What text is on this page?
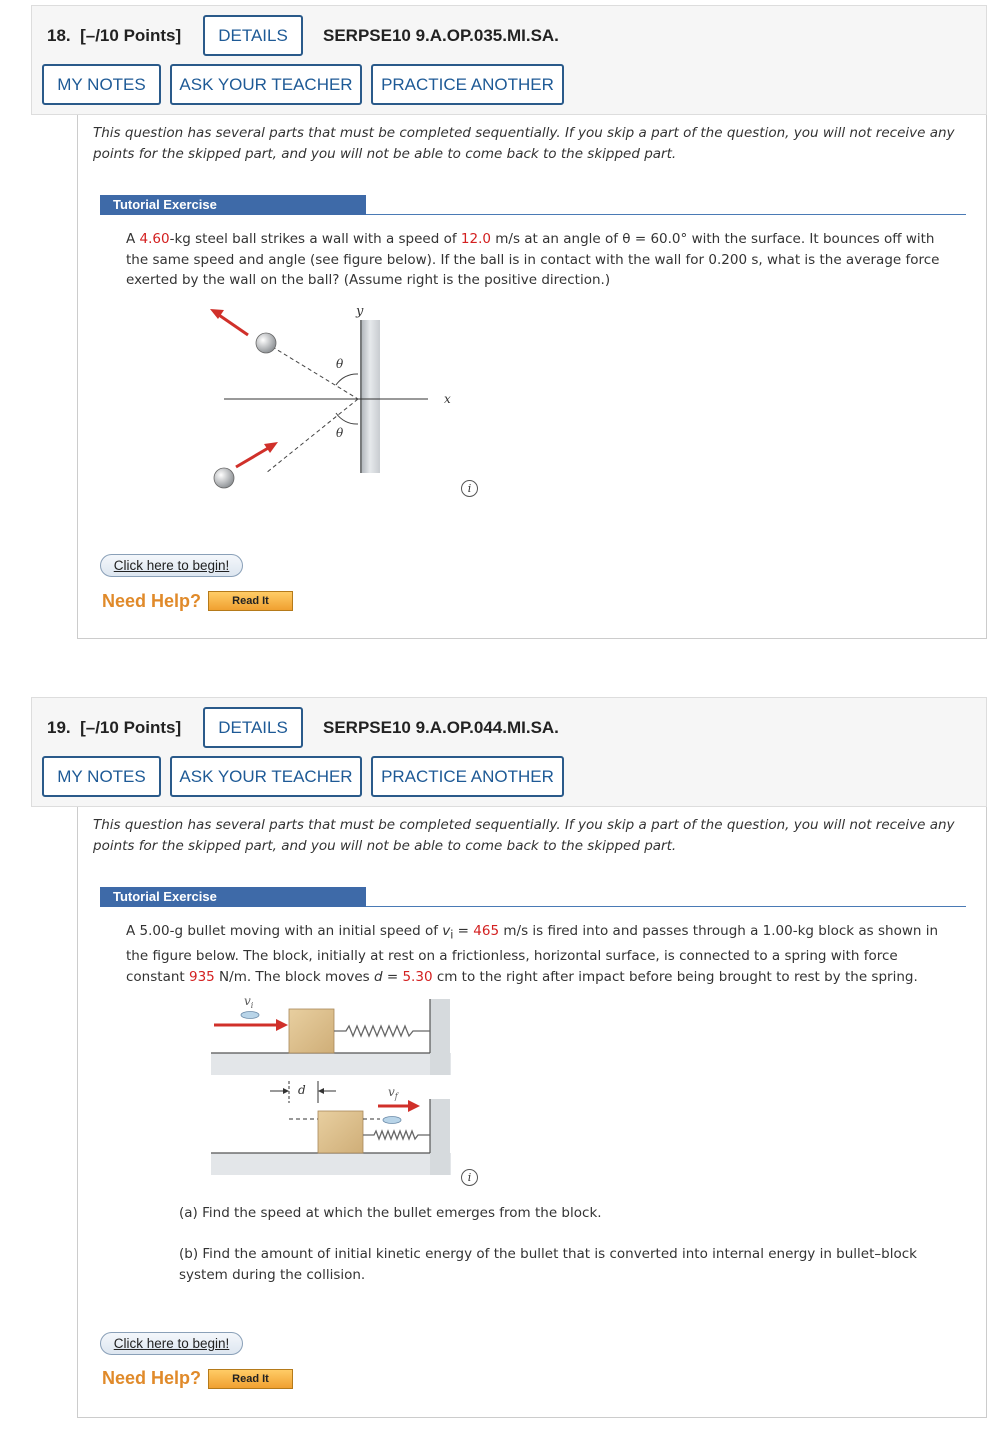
18. [–/10 Points]	DETAILS	SERPSE10 9.A.OP.035.MI.SA.
MY NOTES	ASK YOUR TEACHER	PRACTICE ANOTHER

This question has several parts that must be completed sequentially. If you skip a part of the question, you will not receive any points for the skipped part, and you will not be able to come back to the skipped part.

Tutorial Exercise

A 4.60-kg steel ball strikes a wall with a speed of 12.0 m/s at an angle of θ = 60.0° with the surface. It bounces off with the same speed and angle (see figure below). If the ball is in contact with the wall for 0.200 s, what is the average force exerted by the wall on the ball? (Assume right is the positive direction.)

y
x
θ
θ
i
Click here to begin!
Need Help?	Read It
19. [–/10 Points]	DETAILS	SERPSE10 9.A.OP.044.MI.SA.
MY NOTES	ASK YOUR TEACHER	PRACTICE ANOTHER

This question has several parts that must be completed sequentially. If you skip a part of the question, you will not receive any points for the skipped part, and you will not be able to come back to the skipped part.

Tutorial Exercise

A 5.00-g bullet moving with an initial speed of $v_i = 465$ m/s is fired into and passes through a 1.00-kg block as shown in the figure below. The block, initially at rest on a frictionless, horizontal surface, is connected to a spring with force constant 935 N/m. The block moves d = 5.30 cm to the right after impact before being brought to rest by the spring.

$v_i$
d	$v_f$
i

(a) Find the speed at which the bullet emerges from the block.

(b) Find the amount of initial kinetic energy of the bullet that is converted into internal energy in bullet–block system during the collision.

Click here to begin!
Need Help?	Read It
